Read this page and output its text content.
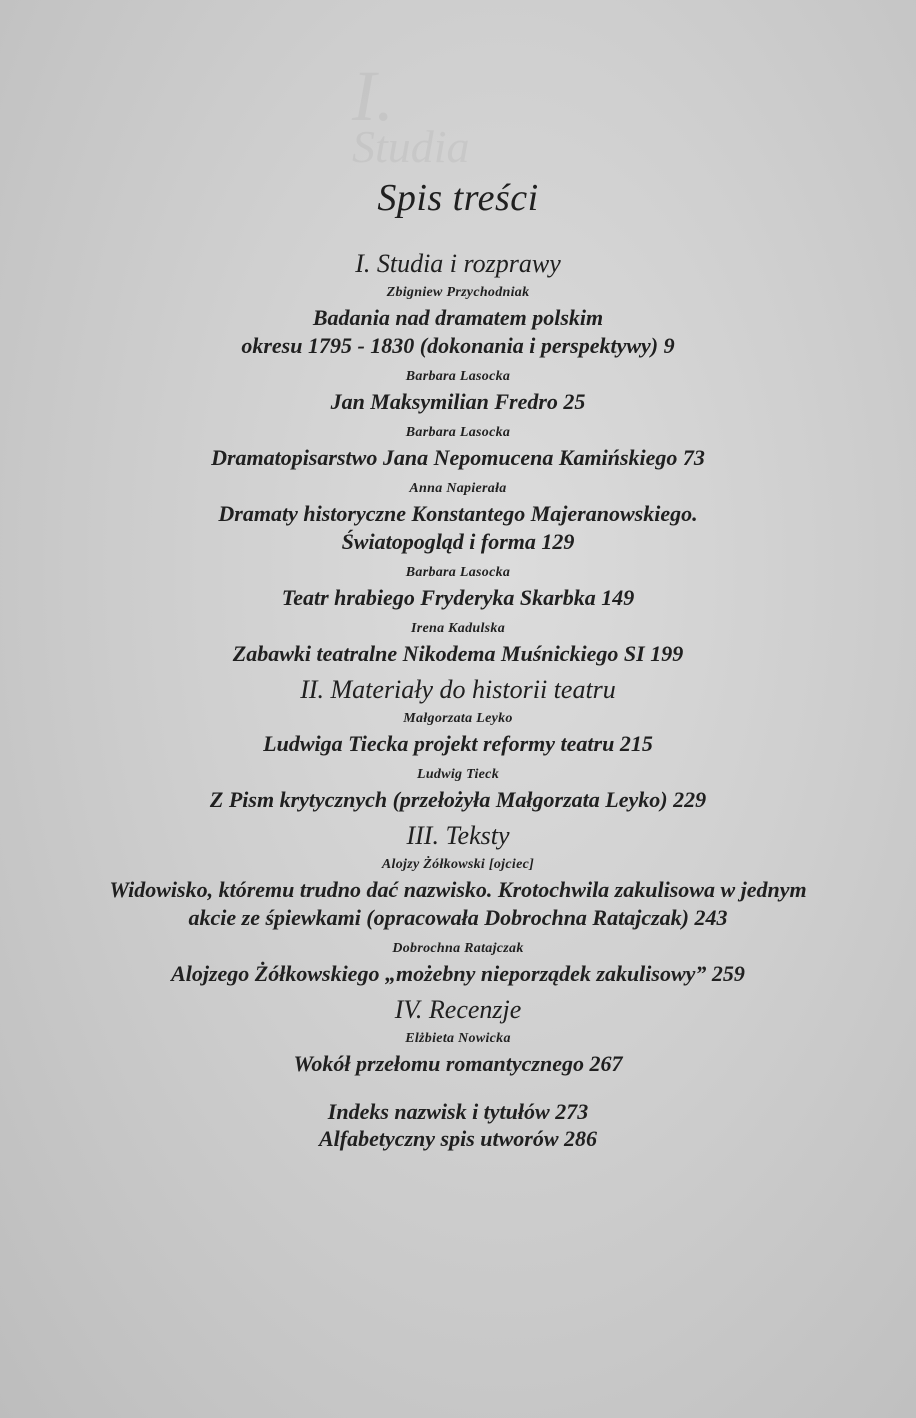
I.
Studia
Spis treści
I. Studia i rozprawy
Zbigniew Przychodniak
Badania nad dramatem polskim
okresu 1795 - 1830 (dokonania i perspektywy) 9
Barbara Lasocka
Jan Maksymilian Fredro 25
Barbara Lasocka
Dramatopisarstwo Jana Nepomucena Kamińskiego 73
Anna Napierała
Dramaty historyczne Konstantego Majeranowskiego.
Światopogląd i forma 129
Barbara Lasocka
Teatr hrabiego Fryderyka Skarbka 149
Irena Kadulska
Zabawki teatralne Nikodema Muśnickiego SI 199
II. Materiały do historii teatru
Małgorzata Leyko
Ludwiga Tiecka projekt reformy teatru 215
Ludwig Tieck
Z Pism krytycznych (przełożyła Małgorzata Leyko) 229
III. Teksty
Alojzy Żółkowski [ojciec]
Widowisko, któremu trudno dać nazwisko. Krotochwila zakulisowa w jednym
akcie ze śpiewkami (opracowała Dobrochna Ratajczak) 243
Dobrochna Ratajczak
Alojzego Żółkowskiego „możebny nieporządek zakulisowy” 259
IV. Recenzje
Elżbieta Nowicka
Wokół przełomu romantycznego 267
Indeks nazwisk i tytułów 273
Alfabetyczny spis utworów 286
